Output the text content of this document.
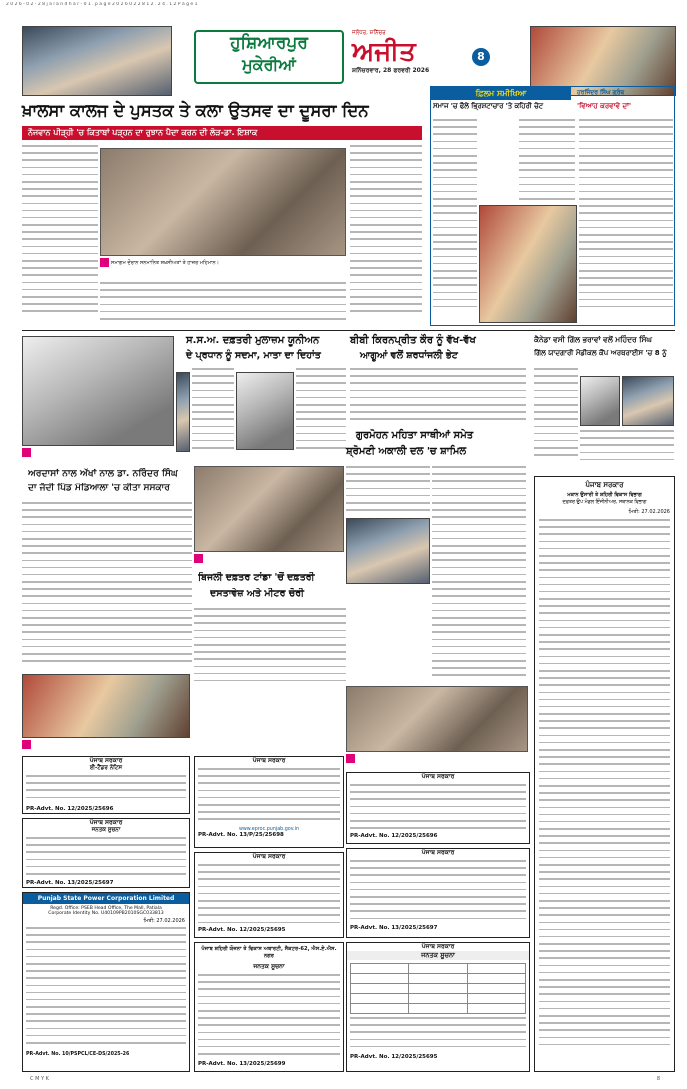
2 0 2 6 - 0 2 - 2 8 j a l a n d h a r - 0 1 . p a g e 2 0 2 6 0 2 2 8 1 2 . 2 4 . 1 2 P a g e 1
ਹੁਸ਼ਿਆਰਪੁਰ
ਮੁਕੇਰੀਆਂ
ਜਲੰਧਰ, ਸ਼ਨਿੱਚਰ
ਅਜੀਤ
ਸ਼ਨਿੱਚਰਵਾਰ, 28 ਫਰਵਰੀ 2026
8
ਖ਼ਾਲਸਾ ਕਾਲਜ ਦੇ ਪੁਸਤਕ ਤੇ ਕਲਾ ਉਤਸਵ ਦਾ ਦੂਸਰਾ ਦਿਨ
ਨੌਜਵਾਨ ਪੀੜ੍ਹੀ 'ਚ ਕਿਤਾਬਾਂ ਪੜ੍ਹਨ ਦਾ ਰੁਝਾਨ ਪੈਦਾ ਕਰਨ ਦੀ ਲੋੜ-ਡਾ. ਇਸ਼ਾਕ
ਸਮਾਗਮ ਦੌਰਾਨ ਸਨਮਾਨਿਤ ਸ਼ਖ਼ਸੀਅਤਾਂ ਤੇ ਹਾਜ਼ਰ ਮਹਿਮਾਨ।
ਫ਼ਿਲਮ ਸਮੀਖਿਆ	ਹਰਜਿੰਦਰ ਸਿੰਘ ਗ੍ਰੰਥ
ਸਮਾਜ 'ਚ ਫੈਲੇ ਭ੍ਰਿਸ਼ਟਾਚਾਰ 'ਤੇ ਕਹਿਰੀ ਚੋਟ	'ਵਿਆਹ ਕਰਵਾਵੇ ਦਾਂ'
ਸ.ਸ.ਅ. ਦਫ਼ਤਰੀ ਮੁਲਾਜ਼ਮ ਯੂਨੀਅਨ
ਦੇ ਪ੍ਰਧਾਨ ਨੂੰ ਸਦਮਾ, ਮਾਤਾ ਦਾ ਦਿਹਾਂਤ
ਬੀਬੀ ਕਿਰਨਪ੍ਰੀਤ ਕੌਰ ਨੂੰ ਵੱਖ-ਵੱਖ
ਆਗੂਆਂ ਵਲੋਂ ਸ਼ਰਧਾਂਜਲੀ ਭੇਟ
ਕੈਨੇਡਾ ਵਸੀ ਗਿੱਲ ਭਰਾਵਾਂ ਵਲੋਂ ਮਹਿੰਦਰ ਸਿੰਘ
ਗਿੱਲ ਯਾਦਗਾਰੀ ਮੈਡੀਕਲ ਕੈਂਪ ਅਰਥਰਾਈਸ 'ਚ 8 ਨੂੰ
ਅਰਦਾਸਾਂ ਨਾਲ ਅੱਖਾਂ ਨਾਲ ਡਾ. ਨਰਿੰਦਰ ਸਿੰਘ
ਦਾ ਜੱਦੀ ਪਿੰਡ ਮੰਡਿਆਲਾ 'ਚ ਕੀਤਾ ਸਸਕਾਰ
ਗੁਰਮੋਹਨ ਮਹਿਤਾ ਸਾਥੀਆਂ ਸਮੇਤ
ਸ਼੍ਰੋਮਣੀ ਅਕਾਲੀ ਦਲ 'ਚ ਸ਼ਾਮਿਲ
ਬਿਜਲੀ ਦਫ਼ਤਰ ਟਾਂਡਾ 'ਚੋਂ ਦਫ਼ਤਰੀ
ਦਸਤਾਵੇਜ਼ ਅਤੇ ਮੀਟਰ ਚੋਰੀ
ਪੰਜਾਬ ਸਰਕਾਰ
ਮਕਾਨ ਉਸਾਰੀ ਤੇ ਸ਼ਹਿਰੀ ਵਿਕਾਸ ਵਿਭਾਗ
ਦਫ਼ਤਰ ਉਪ ਮੰਡਲ ਇੰਜੀਨੀਅਰ, ਸਥਾਨਕ ਵਿਭਾਗ
ਮਿਤੀ: 27.02.2026
ਪੰਜਾਬ ਸਰਕਾਰ
ਈ-ਟੈਂਡਰ ਨੋਟਿਸ
PR-Advt. No. 12/2025/25696
ਪੰਜਾਬ ਸਰਕਾਰ
ਜਨਤਕ ਸੂਚਨਾ
PR-Advt. No. 13/2025/25697
Punjab State Power Corporation Limited
Regd. Office: PSEB Head Office, The Mall, Patiala
Corporate Identity No. U40109PB2010SGC033813
ਮਿਤੀ: 27.02.2026
PR-Advt. No. 10/PSPCL/CE-DS/2025-26
ਪੰਜਾਬ ਸਰਕਾਰ
www.eproc.punjab.gov.in
PR-Advt. No. 13/P/25/25698
ਪੰਜਾਬ ਸਰਕਾਰ
PR-Advt. No. 12/2025/25695
ਪੰਜਾਬ ਸ਼ਹਿਰੀ ਯੋਜਨਾ ਤੇ ਵਿਕਾਸ ਅਥਾਰਟੀ, ਸੈਕਟਰ-62, ਐਸ.ਏ.ਐਸ. ਨਗਰ
ਜਨਤਕ ਸੂਚਨਾ
PR-Advt. No. 13/2025/25699
ਪੰਜਾਬ ਸਰਕਾਰ
PR-Advt. No. 12/2025/25696
ਪੰਜਾਬ ਸਰਕਾਰ
PR-Advt. No. 13/2025/25697
ਪੰਜਾਬ ਸਰਕਾਰ
ਜਨਤਕ ਸੂਚਨਾ

PR-Advt. No. 12/2025/25695
C M Y K	8
